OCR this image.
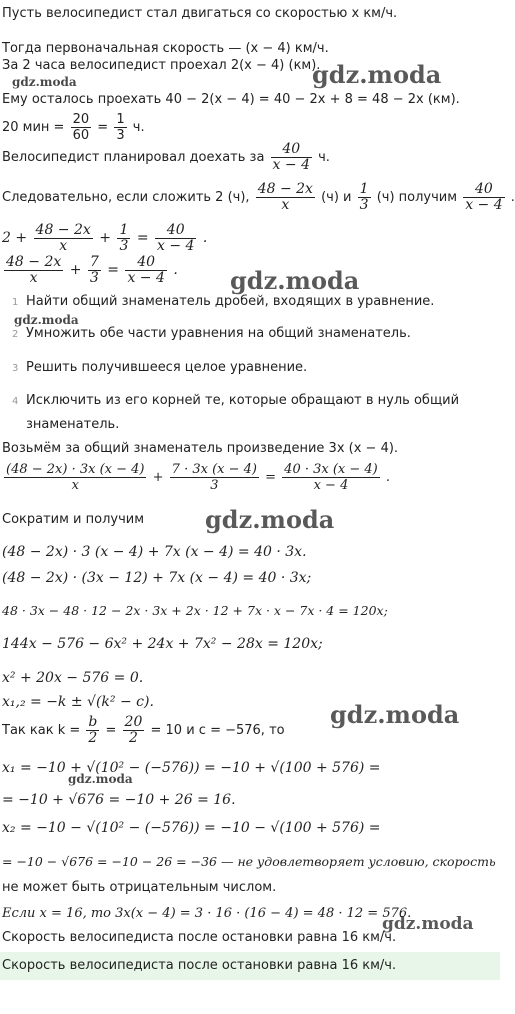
Пусть велосипедист стал двигаться со скоростью x км/ч.
Тогда первоначальная скорость — (x − 4) км/ч.
За 2 часа велосипедист проехал 2(x − 4) (км).
Ему осталось проехать 40 − 2(x − 4) = 40 − 2x + 8 = 48 − 2x (км).
20 мин = $\frac{20}{60} = \frac{1}{3} ч$.
Велосипедист планировал доехать за $\frac{40}{x - 4} ч$.
Следовательно, если сложить 2 (ч), $\frac{48 - 2x}{x} (ч)$ и $\frac{1}{3} (ч)$ получим $\frac{40}{x - 4}$ .
$2 + \frac{48 - 2x}{x} + \frac{1}{3} = \frac{40}{x - 4}$ .
$\frac{48 - 2x}{x} + \frac{7}{3} = \frac{40}{x - 4}$ .
1 Найти общий знаменатель дробей, входящих в уравнение.
2 Умножить обе части уравнения на общий знаменатель.
3 Решить получившееся целое уравнение.
4 Исключить из его корней те, которые обращают в нуль общий
знаменатель.
Возьмём за общий знаменатель произведение 3x (x − 4).
$\frac{(48 - 2x) \cdot 3x (x - 4)}{x} + \frac{7 \cdot 3x (x - 4)}{3} = \frac{40 \cdot 3x (x - 4)}{x - 4}$ .
Сократим и получим
(48 − 2x) · 3 (x − 4) + 7x (x − 4) = 40 · 3x.
(48 − 2x) · (3x − 12) + 7x (x − 4) = 40 · 3x;
48 · 3x − 48 · 12 − 2x · 3x + 2x · 12 + 7x · x − 7x · 4 = 120x;
144x − 576 − 6x² + 24x + 7x² − 28x = 120x;
x² + 20x − 576 = 0.
x₁,₂ = −k ± √(k² − c).
Так как $k = \frac{b}{2} = \frac{20}{2} = 10$ и c = −576, то
x₁ = −10 + √(10² − (−576)) = −10 + √(100 + 576) =
= −10 + √676 = −10 + 26 = 16.
x₂ = −10 − √(10² − (−576)) = −10 − √(100 + 576) =
= −10 − √676 = −10 − 26 = −36 — не удовлетворяет условию, скорость
не может быть отрицательным числом.
Если x = 16, то 3x(x − 4) = 3 · 16 · (16 − 4) = 48 · 12 = 576.
Скорость велосипедиста после остановки равна 16 км/ч.
Скорость велосипедиста после остановки равна 16 км/ч.
gdz.moda
gdz.moda
gdz.moda
gdz.moda
gdz.moda
gdz.moda
gdz.moda
gdz.moda
